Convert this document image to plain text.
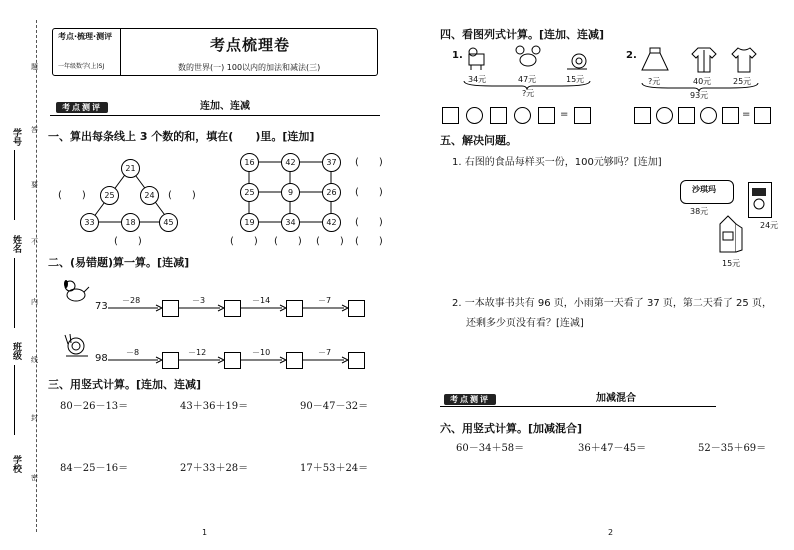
学号
姓名
班级
学校
题
答
要
不
内
线
封
密
考点·梳理·测评
一年级数学(上)SJ
考点梳理卷
数的世界(一) 100以内的加法和减法(三)
考点测评	连加、连减
一、算出每条线上 3 个数的和，填在(　　)里。[连加]
21
25	24
33	18	45
(　　)	(　　)
(　　)
16	42	37
25	9	26
19	34	42
(　　)
(　　)
(　　)
(　　) (　　) (　　) (　　)
二、(易错题)算一算。[连减]
73
－28	－3	－14	－7
98
－8	－12	－10	－7
三、用竖式计算。[连加、连减]
80－26－13＝	43＋36＋19＝	90－47－32＝
84－25－16＝	27＋33＋28＝	17＋53＋24＝
1
四、看图列式计算。[连加、连减]
1.
34元	47元	15元
?元
=
2.
?元	40元	25元
93元
=
五、解决问题。
1. 右图的食品每样买一份，100元够吗？[连加]
沙琪玛
38元
24元
15元
2. 一本故事书共有 96 页，小雨第一天看了 37 页，第二天看了 25 页，
还剩多少页没有看？[连减]
考点测评	加减混合
六、用竖式计算。[加减混合]
60－34＋58＝	36＋47－45＝	52－35＋69＝
2
